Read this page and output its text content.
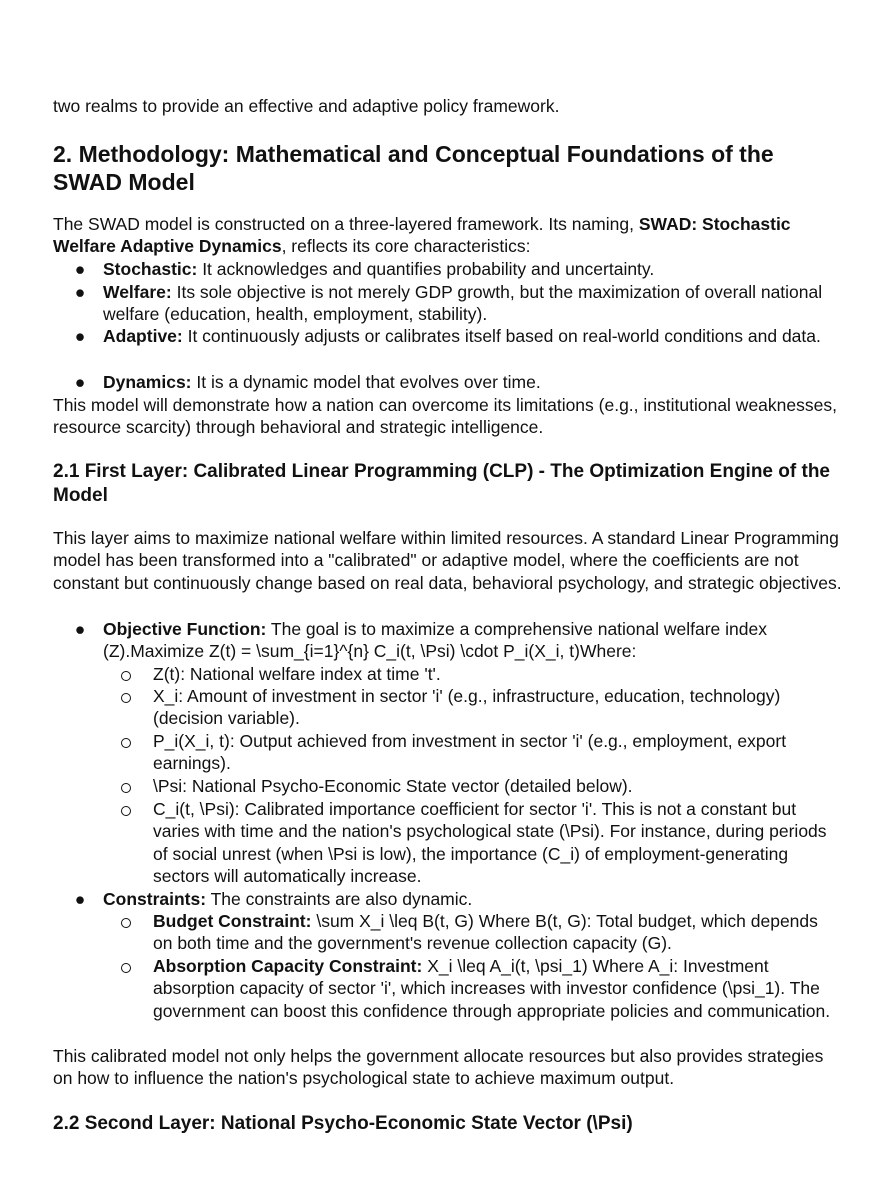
two realms to provide an effective and adaptive policy framework.

2. Methodology: Mathematical and Conceptual Foundations of the SWAD Model

The SWAD model is constructed on a three-layered framework. Its naming, SWAD: Stochastic Welfare Adaptive Dynamics, reflects its core characteristics:

● Stochastic: It acknowledges and quantifies probability and uncertainty.

● Welfare: Its sole objective is not merely GDP growth, but the maximization of overall national welfare (education, health, employment, stability).

● Adaptive: It continuously adjusts or calibrates itself based on real-world conditions and data.

● Dynamics: It is a dynamic model that evolves over time.

This model will demonstrate how a nation can overcome its limitations (e.g., institutional weaknesses, resource scarcity) through behavioral and strategic intelligence.

2.1 First Layer: Calibrated Linear Programming (CLP) - The Optimization Engine of the Model

This layer aims to maximize national welfare within limited resources. A standard Linear Programming model has been transformed into a "calibrated" or adaptive model, where the coefficients are not constant but continuously change based on real data, behavioral psychology, and strategic objectives.

● Objective Function: The goal is to maximize a comprehensive national welfare index (Z).Maximize Z(t) = \sum_{i=1}^{n} C_i(t, \Psi) \cdot P_i(X_i, t)Where:

Z(t): National welfare index at time 't'.

X_i: Amount of investment in sector 'i' (e.g., infrastructure, education, technology) (decision variable).

P_i(X_i, t): Output achieved from investment in sector 'i' (e.g., employment, export earnings).

\Psi: National Psycho-Economic State vector (detailed below).

C_i(t, \Psi): Calibrated importance coefficient for sector 'i'. This is not a constant but varies with time and the nation's psychological state (\Psi). For instance, during periods of social unrest (when \Psi is low), the importance (C_i) of employment-generating sectors will automatically increase.

● Constraints: The constraints are also dynamic.

Budget Constraint: \sum X_i \leq B(t, G) Where B(t, G): Total budget, which depends on both time and the government's revenue collection capacity (G).

Absorption Capacity Constraint: X_i \leq A_i(t, \psi_1) Where A_i: Investment absorption capacity of sector 'i', which increases with investor confidence (\psi_1). The government can boost this confidence through appropriate policies and communication.

This calibrated model not only helps the government allocate resources but also provides strategies on how to influence the nation's psychological state to achieve maximum output.

2.2 Second Layer: National Psycho-Economic State Vector (\Psi)
